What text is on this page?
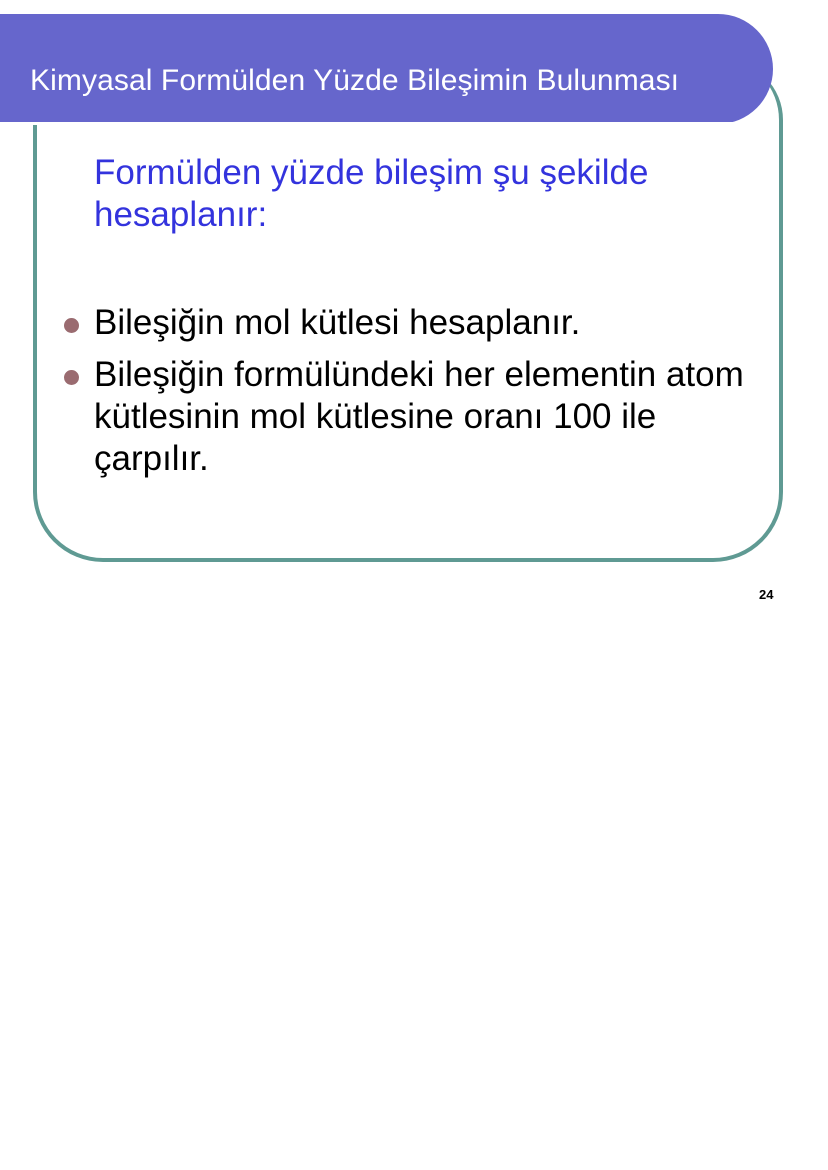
Kimyasal Formülden Yüzde Bileşimin Bulunması
Formülden yüzde bileşim şu şekilde hesaplanır:
Bileşiğin mol kütlesi hesaplanır.
Bileşiğin formülündeki her elementin atom kütlesinin mol kütlesine oranı 100 ile çarpılır.
24
